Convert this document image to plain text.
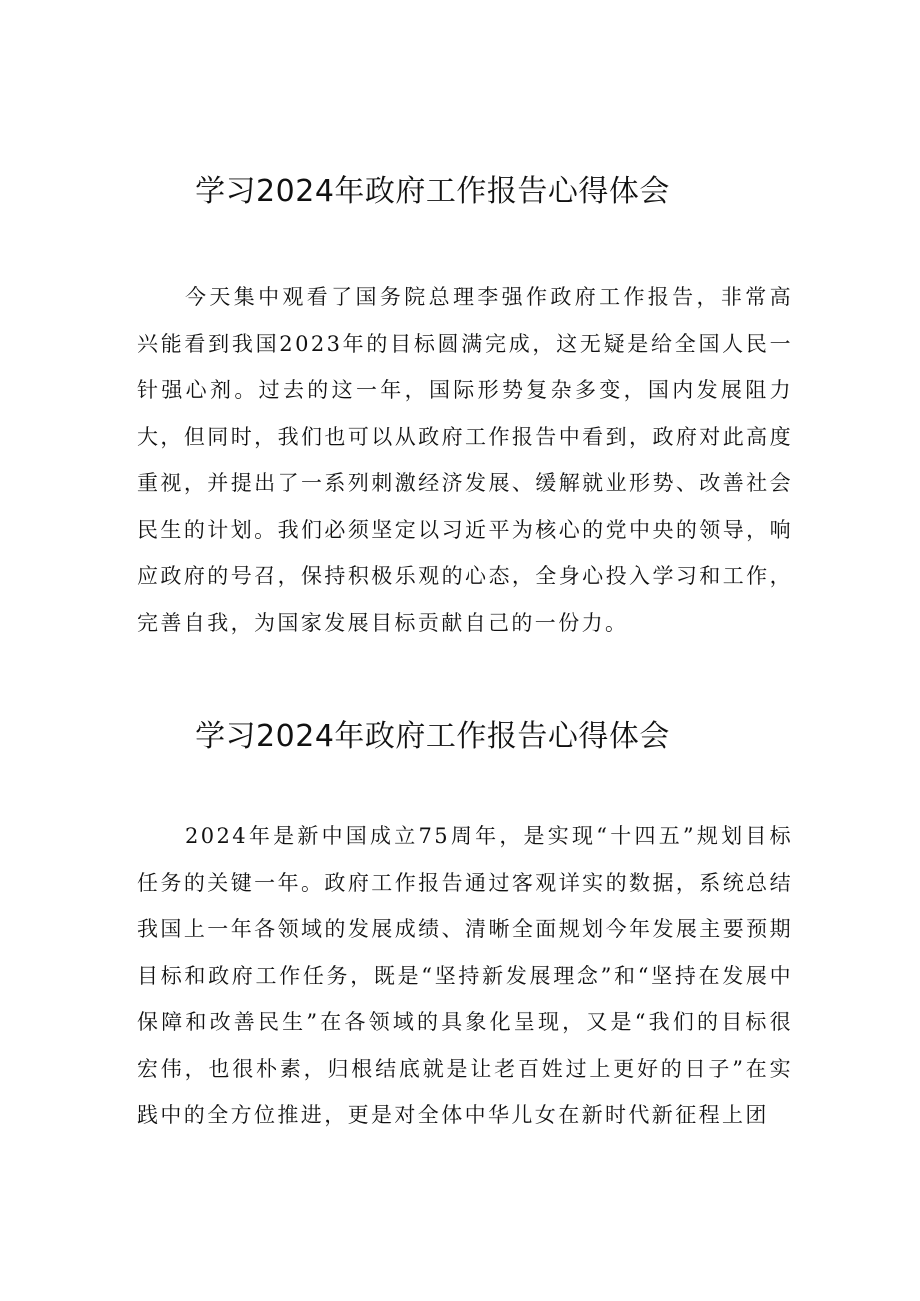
学习2024年政府工作报告心得体会

今天集中观看了国务院总理李强作政府工作报告，非常高兴能看到我国2023年的目标圆满完成，这无疑是给全国人民一针强心剂。过去的这一年，国际形势复杂多变，国内发展阻力大，但同时，我们也可以从政府工作报告中看到，政府对此高度重视，并提出了一系列刺激经济发展、缓解就业形势、改善社会民生的计划。我们必须坚定以习近平为核心的党中央的领导，响应政府的号召，保持积极乐观的心态，全身心投入学习和工作，完善自我，为国家发展目标贡献自己的一份力。

学习2024年政府工作报告心得体会

2024年是新中国成立75周年，是实现“十四五”规划目标任务的关键一年。政府工作报告通过客观详实的数据，系统总结我国上一年各领域的发展成绩、清晰全面规划今年发展主要预期目标和政府工作任务，既是“坚持新发展理念”和“坚持在发展中保障和改善民生”在各领域的具象化呈现，又是“我们的目标很宏伟，也很朴素，归根结底就是让老百姓过上更好的日子”在实践中的全方位推进，更是对全体中华儿女在新时代新征程上团
